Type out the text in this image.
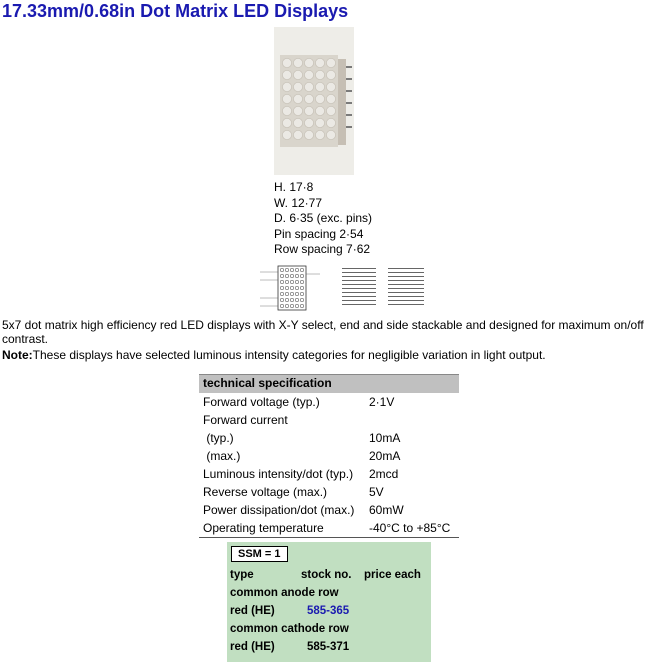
17.33mm/0.68in Dot Matrix LED Displays
H. 17·8
W. 12·77
D. 6·35 (exc. pins)
Pin spacing 2·54
Row spacing 7·62
5x7 dot matrix high efficiency red LED displays with X-Y select, end and side stackable and designed for maximum on/off contrast.
Note:These displays have selected luminous intensity categories for negligible variation in light output.
technical specification
Forward voltage (typ.)	2·1V
Forward current
(typ.)	10mA
(max.)	20mA
Luminous intensity/dot (typ.)	2mcd
Reverse voltage (max.)	5V
Power dissipation/dot (max.)	60mW
Operating temperature	-40°C to +85°C
SSM = 1
type	stock no. price each
common anode row
red (HE)	585-365
common cathode row
red (HE)	585-371
